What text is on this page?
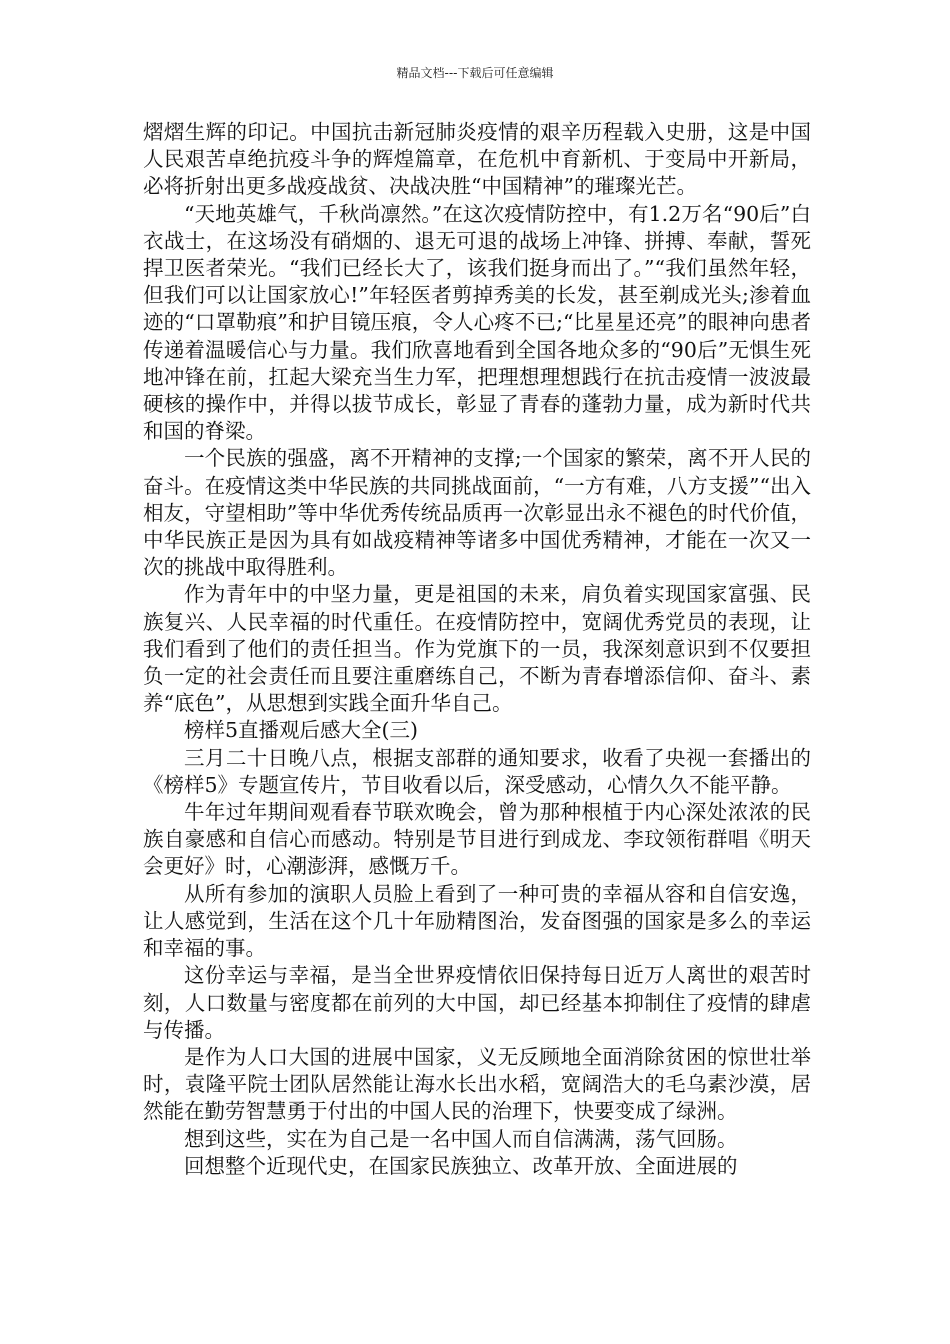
精品文档---下载后可任意编辑

熠熠生辉的印记。中国抗击新冠肺炎疫情的艰辛历程载入史册，这是中国人民艰苦卓绝抗疫斗争的辉煌篇章，在危机中育新机、于变局中开新局，必将折射出更多战疫战贫、决战决胜“中国精神”的璀璨光芒。

“天地英雄气，千秋尚凛然。”在这次疫情防控中，有1.2万名“90后”白衣战士，在这场没有硝烟的、退无可退的战场上冲锋、拼搏、奉献，誓死捍卫医者荣光。“我们已经长大了，该我们挺身而出了。”“我们虽然年轻，但我们可以让国家放心!”年轻医者剪掉秀美的长发，甚至剃成光头;渗着血迹的“口罩勒痕”和护目镜压痕，令人心疼不已;“比星星还亮”的眼神向患者传递着温暖信心与力量。我们欣喜地看到全国各地众多的“90后”无惧生死地冲锋在前，扛起大梁充当生力军，把理想理想践行在抗击疫情一波波最硬核的操作中，并得以拔节成长，彰显了青春的蓬勃力量，成为新时代共和国的脊梁。

一个民族的强盛，离不开精神的支撑;一个国家的繁荣，离不开人民的奋斗。在疫情这类中华民族的共同挑战面前，“一方有难，八方支援”“出入相友，守望相助”等中华优秀传统品质再一次彰显出永不褪色的时代价值，中华民族正是因为具有如战疫精神等诸多中国优秀精神，才能在一次又一次的挑战中取得胜利。

作为青年中的中坚力量，更是祖国的未来，肩负着实现国家富强、民族复兴、人民幸福的时代重任。在疫情防控中，宽阔优秀党员的表现，让我们看到了他们的责任担当。作为党旗下的一员，我深刻意识到不仅要担负一定的社会责任而且要注重磨练自己，不断为青春增添信仰、奋斗、素养“底色”，从思想到实践全面升华自己。

榜样5直播观后感大全(三)

三月二十日晚八点，根据支部群的通知要求，收看了央视一套播出的《榜样5》专题宣传片，节目收看以后，深受感动，心情久久不能平静。

牛年过年期间观看春节联欢晚会，曾为那种根植于内心深处浓浓的民族自豪感和自信心而感动。特别是节目进行到成龙、李玟领衔群唱《明天会更好》时，心潮澎湃，感慨万千。

从所有参加的演职人员脸上看到了一种可贵的幸福从容和自信安逸，让人感觉到，生活在这个几十年励精图治，发奋图强的国家是多么的幸运和幸福的事。

这份幸运与幸福，是当全世界疫情依旧保持每日近万人离世的艰苦时刻，人口数量与密度都在前列的大中国，却已经基本抑制住了疫情的肆虐与传播。

是作为人口大国的进展中国家，义无反顾地全面消除贫困的惊世壮举时，袁隆平院士团队居然能让海水长出水稻，宽阔浩大的毛乌素沙漠，居然能在勤劳智慧勇于付出的中国人民的治理下，快要变成了绿洲。

想到这些，实在为自己是一名中国人而自信满满，荡气回肠。

回想整个近现代史，在国家民族独立、改革开放、全面进展的
